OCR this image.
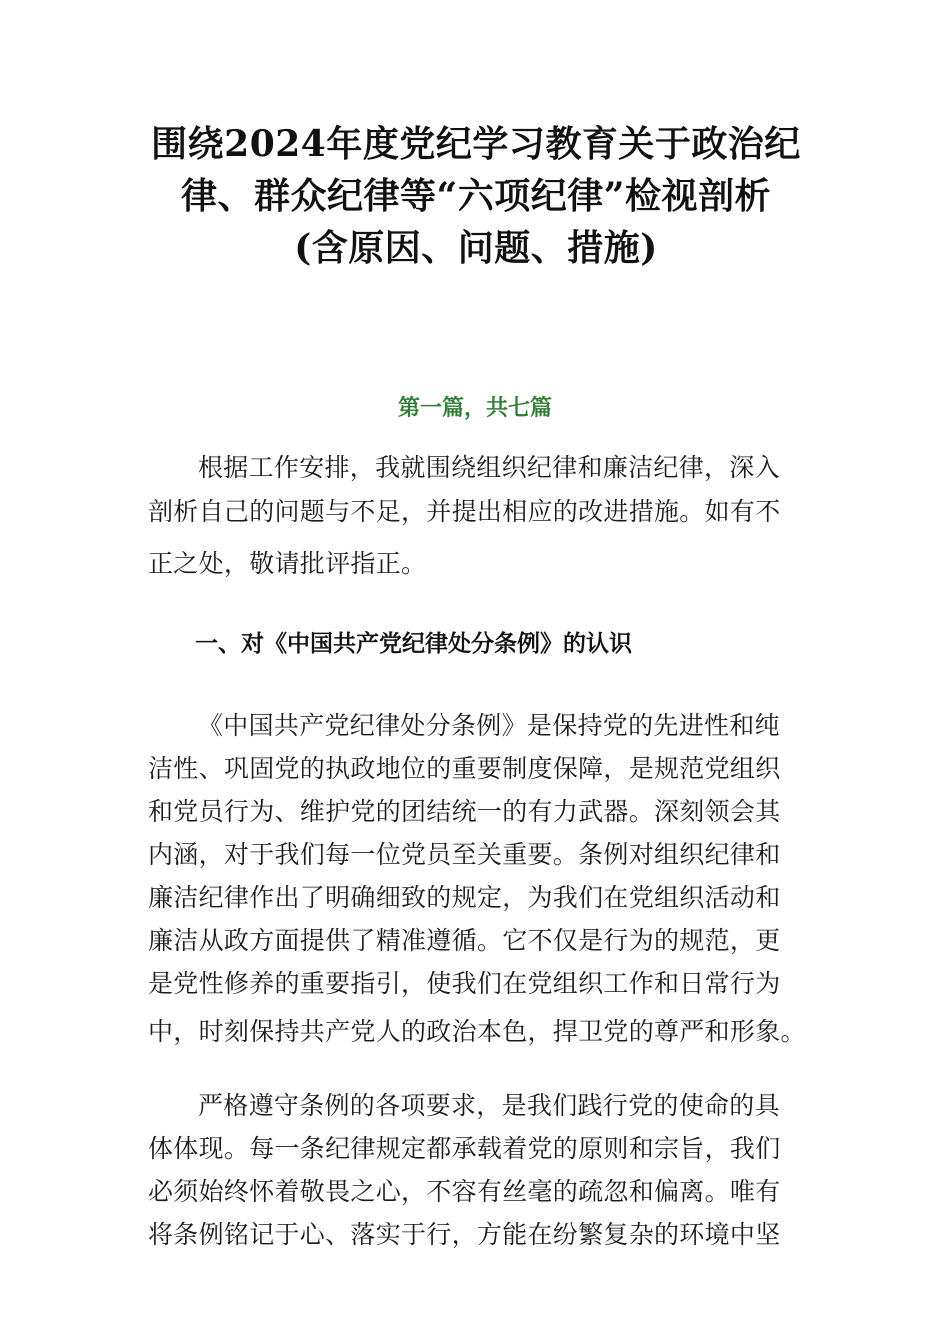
围绕2024年度党纪学习教育关于政治纪
律、群众纪律等“六项纪律”检视剖析
(含原因、问题、措施)
第一篇，共七篇
根据工作安排，我就围绕组织纪律和廉洁纪律，深入
剖析自己的问题与不足，并提出相应的改进措施。如有不
正之处，敬请批评指正。
一、对《中国共产党纪律处分条例》的认识
《中国共产党纪律处分条例》是保持党的先进性和纯
洁性、巩固党的执政地位的重要制度保障，是规范党组织
和党员行为、维护党的团结统一的有力武器。深刻领会其
内涵，对于我们每一位党员至关重要。条例对组织纪律和
廉洁纪律作出了明确细致的规定，为我们在党组织活动和
廉洁从政方面提供了精准遵循。它不仅是行为的规范，更
是党性修养的重要指引，使我们在党组织工作和日常行为
中，时刻保持共产党人的政治本色，捍卫党的尊严和形象。
严格遵守条例的各项要求，是我们践行党的使命的具
体体现。每一条纪律规定都承载着党的原则和宗旨，我们
必须始终怀着敬畏之心，不容有丝毫的疏忽和偏离。唯有
将条例铭记于心、落实于行，方能在纷繁复杂的环境中坚
